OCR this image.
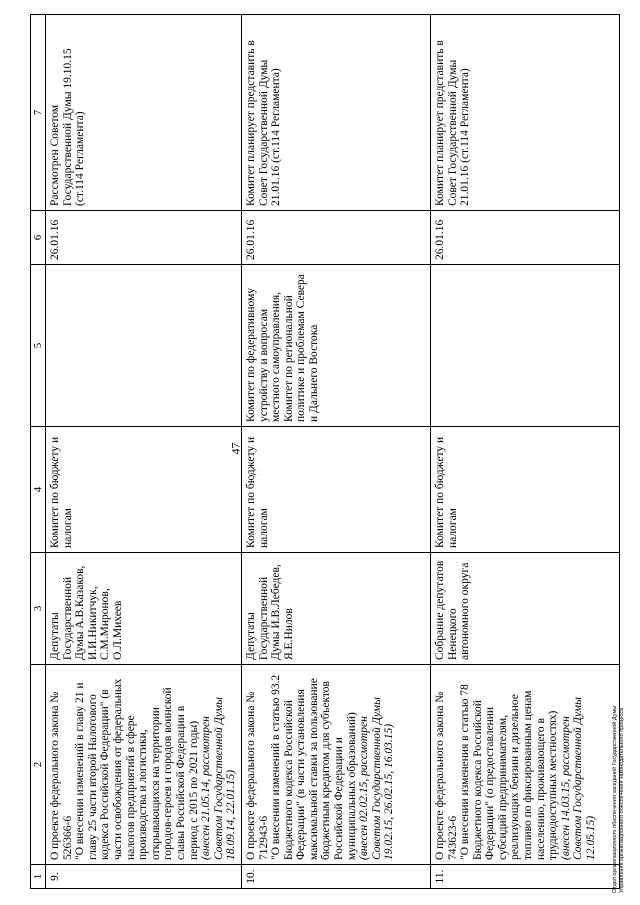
47
1	2	3	4	5	6	7
9.	О проекте федерального закона № 526366-6 "О внесении изменений в главу 21 и главу 25 части второй Налогового кодекса Российской Федерации" (в части освобождения от федеральных налогов предприятий в сфере производства и логистики, открывающихся на территории городов-героев и городов воинской славы Российской Федерации в период с 2015 по 2021 годы) (внесен 21.05.14, рассмотрен Советом Государственной Думы 18.09.14, 22.01.15)	Депутаты Государственной Думы А.В.Казаков, И.И.Никитчук, С.М.Миронов, О.Л.Михеев	Комитет по бюджету и налогам		26.01.16	Рассмотрен Советом Государственной Думы 19.10.15 (ст.114 Регламента)
10.	О проекте федерального закона № 712943-6 "О внесении изменений в статью 93.2 Бюджетного кодекса Российской Федерации" (в части установления максимальной ставки за пользование бюджетным кредитом для субъектов Российской Федерации и муниципальных образований) (внесен 02.02.15, рассмотрен Советом Государственной Думы 19.02.15, 26.02.15, 16.03.15)	Депутаты Государственной Думы И.В.Лебедев, Я.Е.Нилов	Комитет по бюджету и налогам	Комитет по федеративному устройству и вопросам местного самоуправления, Комитет по региональной политике и проблемам Севера и Дальнего Востока	26.01.16	Комитет планирует представить в Совет Государственной Думы 21.01.16 (ст.114 Регламента)
11.	О проекте федерального закона № 743623-6 "О внесении изменения в статью 78 Бюджетного кодекса Российской Федерации" (о предоставлении субсидий предпринимателям, реализующих бензин и дизельное топливо по фиксированным ценам населению, проживающего в труднодоступных местностях) (внесен 14.03.15, рассмотрен Советом Государственной Думы 12.05.15)	Собрание депутатов Ненецкого автономного округа	Комитет по бюджету и налогам		26.01.16	Комитет планирует представить в Совет Государственной Думы 21.01.16 (ст.114 Регламента)
Отдел организационного обеспечения заседаний Государственной Думы Управления организационного обеспечения законодательного процесса
